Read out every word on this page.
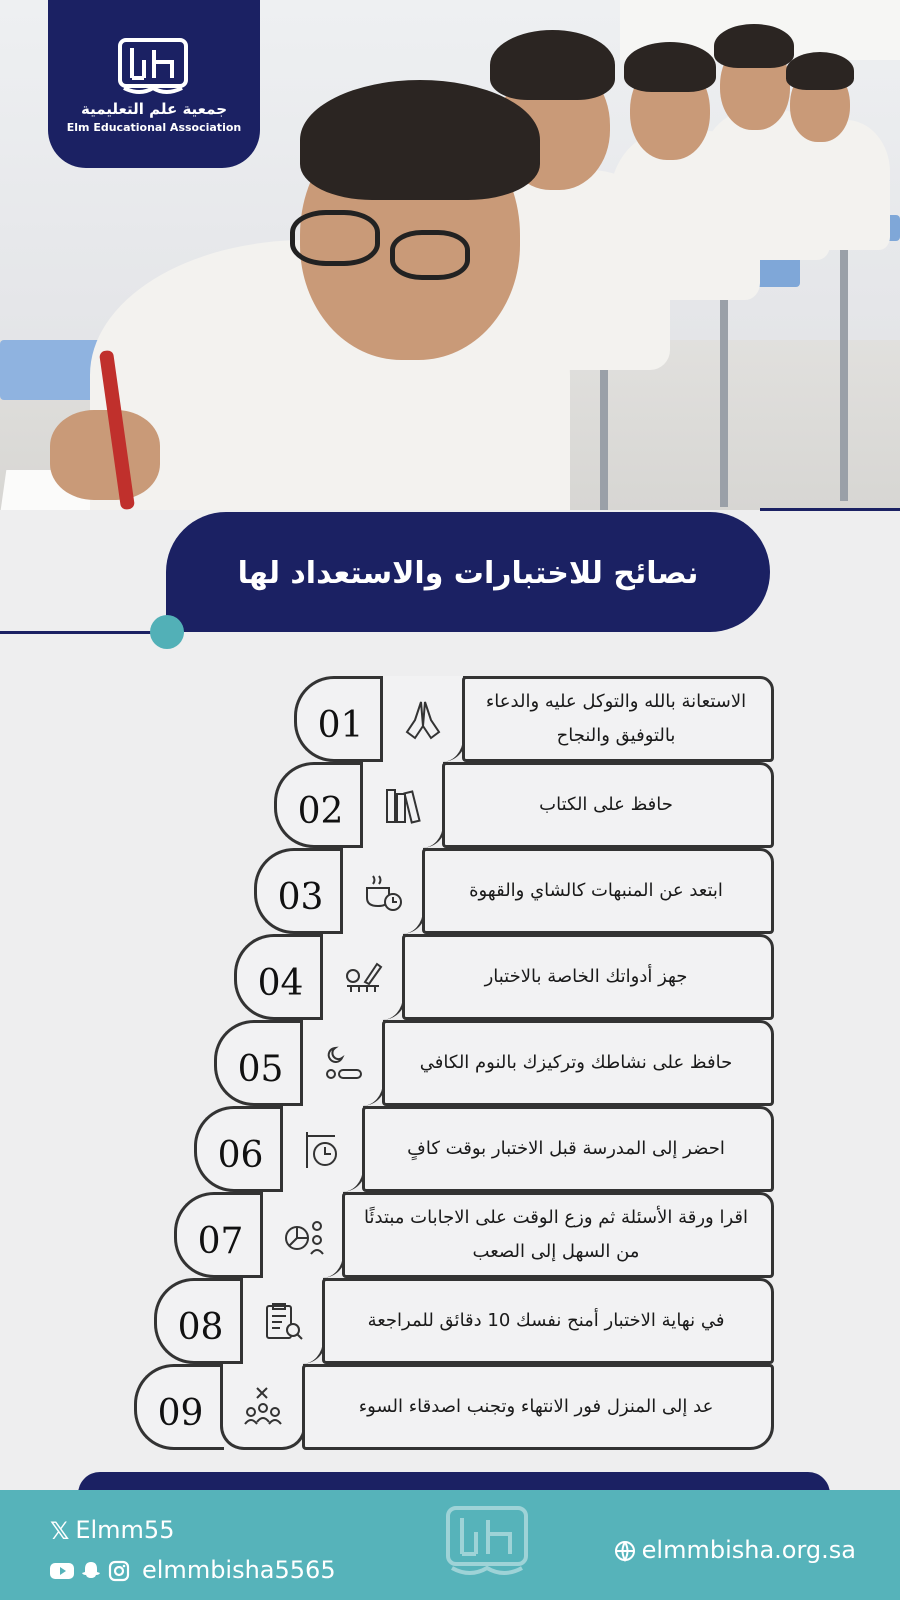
جمعية علم التعليمية
Elm Educational Association
نصائح للاختبارات والاستعداد لها
01
الاستعانة بالله والتوكل عليه والدعاء بالتوفيق والنجاح
02	حافظ على الكتاب
03	ابتعد عن المنبهات كالشاي والقهوة
04	جهز أدواتك الخاصة بالاختبار
05	حافظ على نشاطك وتركيزك بالنوم الكافي
06	احضر إلى المدرسة قبل الاختبار بوقت كافٍ
07
اقرا ورقة الأسئلة ثم وزع الوقت على الاجابات مبتدئًا من السهل إلى الصعب
08	في نهاية الاختبار أمنح نفسك 10 دقائق للمراجعة
09	عد إلى المنزل فور الانتهاء وتجنب اصدقاء السوء
𝕏 Elmm55
elmmbisha5565
elmmbisha.org.sa
